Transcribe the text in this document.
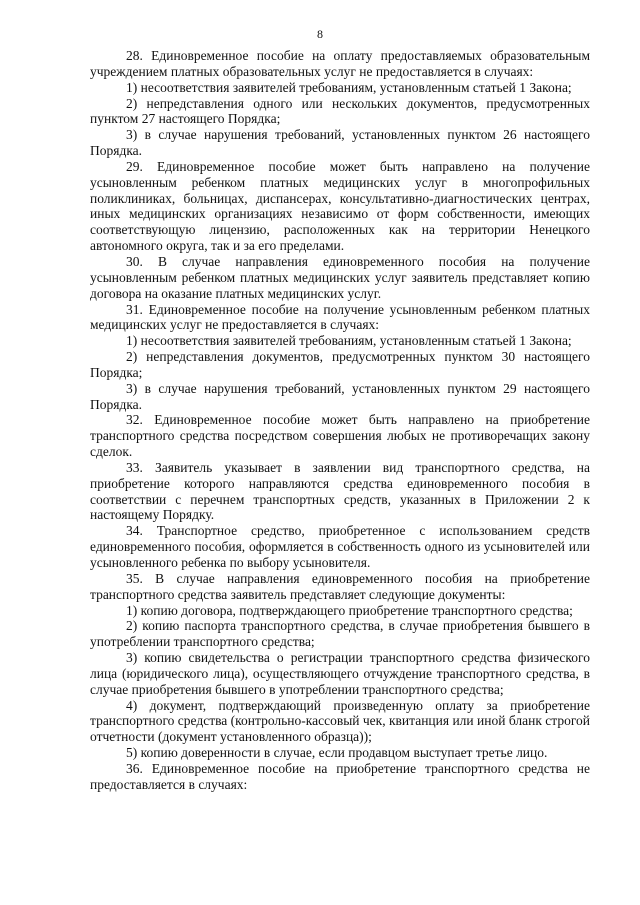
8

28. Единовременное пособие на оплату предоставляемых образовательным учреждением платных образовательных услуг не предоставляется в случаях:

1) несоответствия заявителей требованиям, установленным статьей 1 Закона;

2) непредставления одного или нескольких документов, предусмотренных пунктом 27 настоящего Порядка;

3) в случае нарушения требований, установленных пунктом 26 настоящего Порядка.

29. Единовременное пособие может быть направлено на получение усыновленным ребенком платных медицинских услуг в многопрофильных поликлиниках, больницах, диспансерах, консультативно-диагностических центрах, иных медицинских организациях независимо от форм собственности, имеющих соответствующую лицензию, расположенных как на территории Ненецкого автономного округа, так и за его пределами.

30. В случае направления единовременного пособия на получение усыновленным ребенком платных медицинских услуг заявитель представляет копию договора на оказание платных медицинских услуг.

31. Единовременное пособие на получение усыновленным ребенком платных медицинских услуг не предоставляется в случаях:

1) несоответствия заявителей требованиям, установленным статьей 1 Закона;

2) непредставления документов, предусмотренных пунктом 30 настоящего Порядка;

3) в случае нарушения требований, установленных пунктом 29 настоящего Порядка.

32. Единовременное пособие может быть направлено на приобретение транспортного средства посредством совершения любых не противоречащих закону сделок.

33. Заявитель указывает в заявлении вид транспортного средства, на приобретение которого направляются средства единовременного пособия в соответствии с перечнем транспортных средств, указанных в Приложении 2 к настоящему Порядку.

34. Транспортное средство, приобретенное с использованием средств единовременного пособия, оформляется в собственность одного из усыновителей или усыновленного ребенка по выбору усыновителя.

35. В случае направления единовременного пособия на приобретение транспортного средства заявитель представляет следующие документы:

1) копию договора, подтверждающего приобретение транспортного средства;

2) копию паспорта транспортного средства, в случае приобретения бывшего в употреблении транспортного средства;

3) копию свидетельства о регистрации транспортного средства физического лица (юридического лица), осуществляющего отчуждение транспортного средства, в случае приобретения бывшего в употреблении транспортного средства;

4) документ, подтверждающий произведенную оплату за приобретение транспортного средства (контрольно-кассовый чек, квитанция или иной бланк строгой отчетности (документ установленного образца));

5) копию доверенности в случае, если продавцом выступает третье лицо.

36. Единовременное пособие на приобретение транспортного средства не предоставляется в случаях:
